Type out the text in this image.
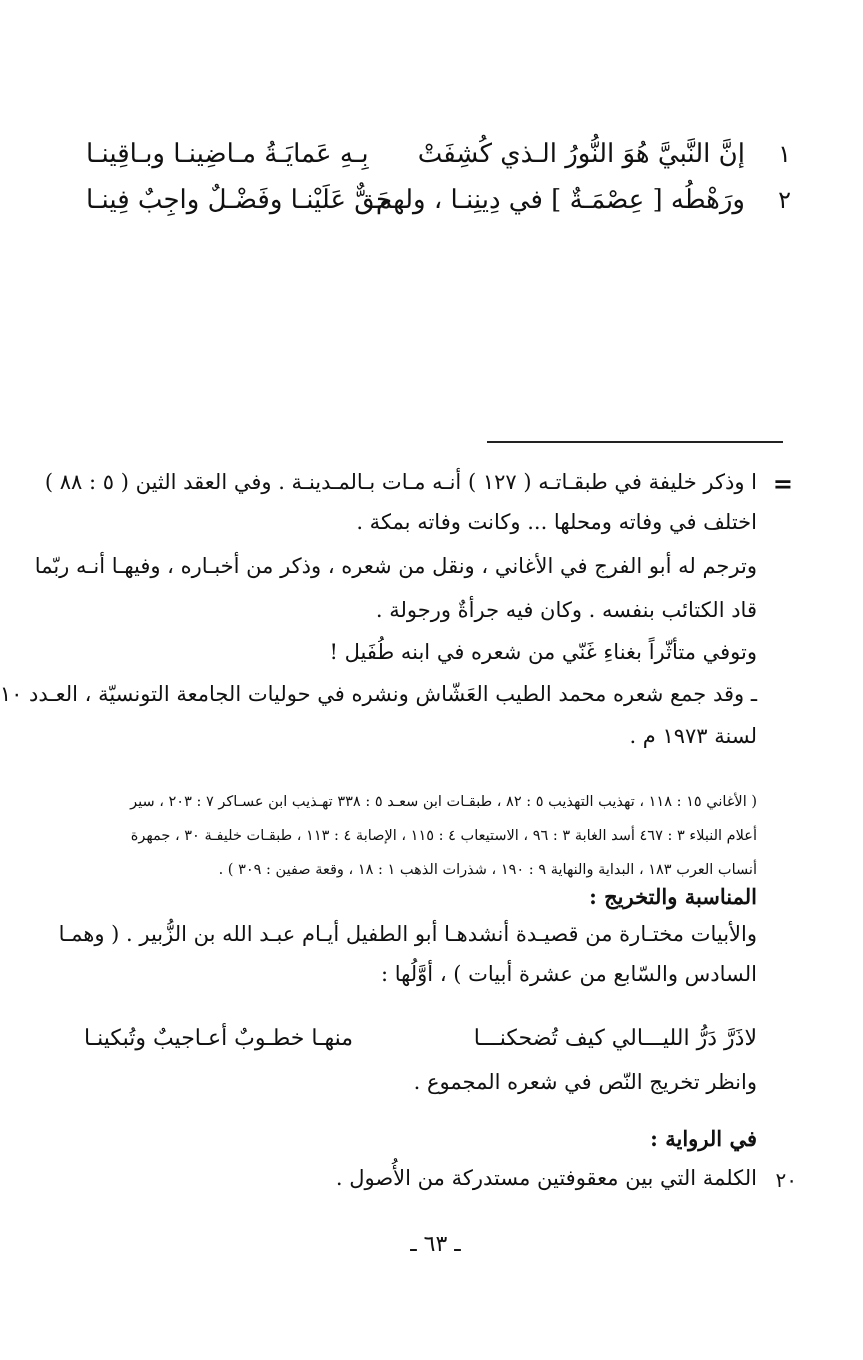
١
إنَّ النَّبيَّ هُوَ النُّورُ الـذي كُشِفَتْ
بِـهِ عَمايَـةُ مـاضِينـا وبـاقِينـا
٢
ورَهْطُه [ عِصْمَـةٌ ] في دِينِنـا ، ولهم
حَقٌّ عَلَيْنـا وفَضْـلٌ واجِبٌ فِينـا
=
ا وذكر خليفة في طبقـاتـه ( ١٢٧ ) أنـه مـات بـالمـدينـة . وفي العقد الثين ( ٥ : ٨٨ )
اختلف في وفاته ومحلها ... وكانت وفاته بمكة .
وترجم له أبو الفرج في الأغاني ، ونقل من شعره ، وذكر من أخبـاره ، وفيهـا أنـه ربّما
قاد الكتائب بنفسه . وكان فيه جرأةٌ ورجولة .
وتوفي متأثّراً بغناءِ غَنّي من شعره في ابنه طُفَيل !
ـ وقد جمع شعره محمد الطيب العَشّاش ونشره في حوليات الجامعة التونسيّة ، العـدد ١٠
لسنة ١٩٧٣ م .
( الأغاني ١٥ : ١١٨ ، تهذيب التهذيب ٥ : ٨٢ ، طبقـات ابن سعـد ٥ : ٣٣٨ تهـذيب ابن عسـاكر ٧ : ٢٠٣ ، سير
أعلام النبلاء ٣ : ٤٦٧ أسد الغابة ٣ : ٩٦ ، الاستيعاب ٤ : ١١٥ ، الإصابة ٤ : ١١٣ ، طبقـات خليفـة ٣٠ ، جمهرة
أنساب العرب ١٨٣ ، البداية والنهاية ٩ : ١٩٠ ، شذرات الذهب ١ : ١٨ ، وقعة صفين : ٣٠٩ ) .
المناسبة والتخريج :
والأبيات مختـارة من قصيـدة أنشدهـا أبو الطفيل أيـام عبـد الله بن الزُّبير . ( وهمـا
السادس والسّابع من عشرة أبيات ) ، أوَّلُها :
لاذَرَّ دَرُّ الليـــالي كيف تُضحكنـــا
منهـا خطـوبٌ أعـاجيبٌ وتُبكينـا
وانظر تخريج النّص في شعره المجموع .
في الرواية :
٢٠
الكلمة التي بين معقوفتين مستدركة من الأُصول .
ـ ٦٣ ـ
